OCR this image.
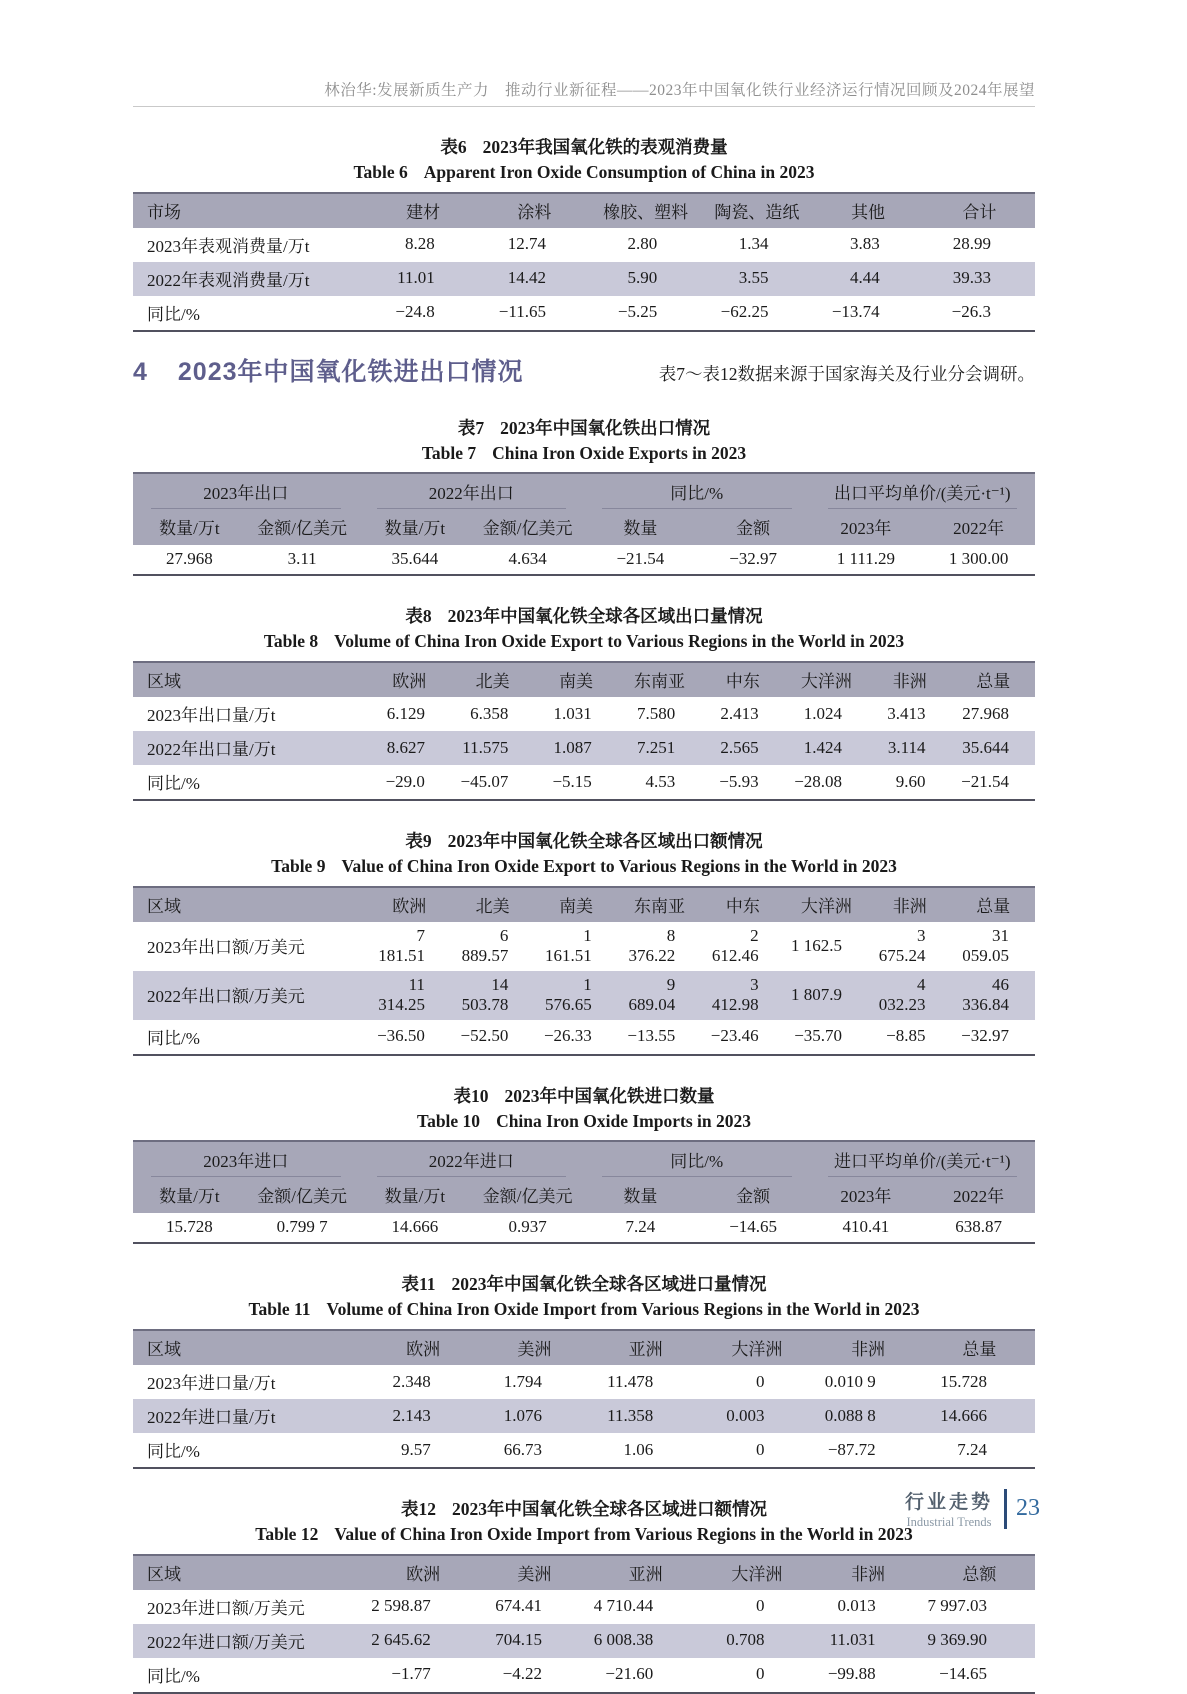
林治华:发展新质生产力　推动行业新征程——2023年中国氧化铁行业经济运行情况回顾及2024年展望
表6 2023年我国氧化铁的表观消费量
Table 6 Apparent Iron Oxide Consumption of China in 2023
市场	建材	涂料	橡胶、塑料	陶瓷、造纸	其他	合计
2023年表观消费量/万t	8.28	12.74	2.80	1.34	3.83	28.99
2022年表观消费量/万t	11.01	14.42	5.90	3.55	4.44	39.33
同比/%	−24.8	−11.65	−5.25	−62.25	−13.74	−26.3
4 2023年中国氧化铁进出口情况	表7～表12数据来源于国家海关及行业分会调研。
表7 2023年中国氧化铁出口情况
Table 7 China Iron Oxide Exports in 2023
2023年出口		2022年出口		同比/%		出口平均单价/(美元·t⁻¹)	

数量/万t	金额/亿美元	数量/万t	金额/亿美元	数量	金额	2023年	2022年
27.968	3.11	35.644	4.634	−21.54	−32.97	1 111.29	1 300.00
表8 2023年中国氧化铁全球各区域出口量情况
Table 8 Volume of China Iron Oxide Export to Various Regions in the World in 2023
区域	欧洲	北美	南美	东南亚	中东	大洋洲	非洲	总量
2023年出口量/万t	6.129	6.358	1.031	7.580	2.413	1.024	3.413	27.968
2022年出口量/万t	8.627	11.575	1.087	7.251	2.565	1.424	3.114	35.644
同比/%	−29.0	−45.07	−5.15	4.53	−5.93	−28.08	9.60	−21.54
表9 2023年中国氧化铁全球各区域出口额情况
Table 9 Value of China Iron Oxide Export to Various Regions in the World in 2023
区域	欧洲	北美	南美	东南亚	中东	大洋洲	非洲	总量
2023年出口额/万美元	7 181.51	6 889.57	1 161.51	8 376.22	2 612.46	1 162.5	3 675.24	31 059.05
2022年出口额/万美元	11 314.25	14 503.78	1 576.65	9 689.04	3 412.98	1 807.9	4 032.23	46 336.84
同比/%	−36.50	−52.50	−26.33	−13.55	−23.46	−35.70	−8.85	−32.97
表10 2023年中国氧化铁进口数量
Table 10 China Iron Oxide Imports in 2023
2023年进口		2022年进口		同比/%		进口平均单价/(美元·t⁻¹)	

数量/万t	金额/亿美元	数量/万t	金额/亿美元	数量	金额	2023年	2022年
15.728	0.799 7	14.666	0.937	7.24	−14.65	410.41	638.87
表11 2023年中国氧化铁全球各区域进口量情况
Table 11 Volume of China Iron Oxide Import from Various Regions in the World in 2023
区域	欧洲	美洲	亚洲	大洋洲	非洲	总量
2023年进口量/万t	2.348	1.794	11.478	0	0.010 9	15.728
2022年进口量/万t	2.143	1.076	11.358	0.003	0.088 8	14.666
同比/%	9.57	66.73	1.06	0	−87.72	7.24
表12 2023年中国氧化铁全球各区域进口额情况
Table 12 Value of China Iron Oxide Import from Various Regions in the World in 2023
区域	欧洲	美洲	亚洲	大洋洲	非洲	总额
2023年进口额/万美元	2 598.87	674.41	4 710.44	0	0.013	7 997.03
2022年进口额/万美元	2 645.62	704.15	6 008.38	0.708	11.031	9 369.90
同比/%	−1.77	−4.22	−21.60	0	−99.88	−14.65
行业走势
Industrial Trends
23
